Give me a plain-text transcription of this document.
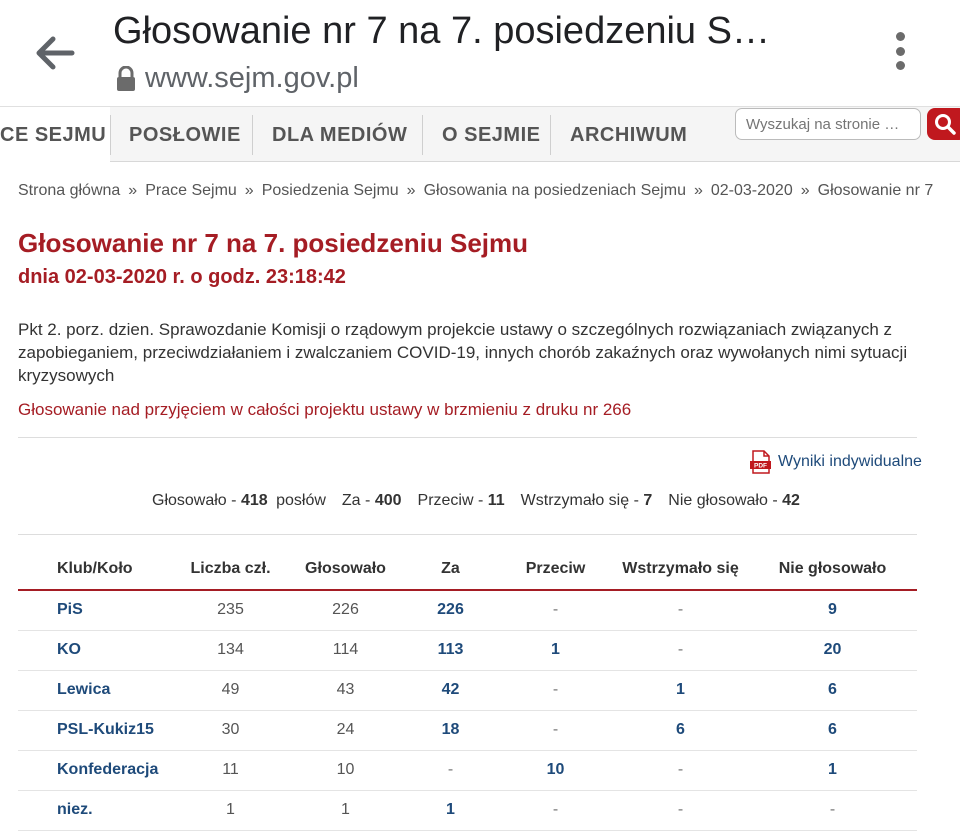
Głosowanie nr 7 na 7. posiedzeniu S…
www.sejm.gov.pl
CE SEJMU POSŁOWIE DLA MEDIÓW O SEJMIE ARCHIWUM
Wyszukaj na stronie …
Strona główna » Prace Sejmu » Posiedzenia Sejmu » Głosowania na posiedzeniach Sejmu » 02-03-2020 » Głosowanie nr 7
Głosowanie nr 7 na 7. posiedzeniu Sejmu
dnia 02-03-2020 r. o godz. 23:18:42
Pkt 2. porz. dzien. Sprawozdanie Komisji o rządowym projekcie ustawy o szczególnych rozwiązaniach związanych z zapobieganiem, przeciwdziałaniem i zwalczaniem COVID-19, innych chorób zakaźnych oraz wywołanych nimi sytuacji kryzysowych
Głosowanie nad przyjęciem w całości projektu ustawy w brzmieniu z druku nr 266
PDF Wyniki indywidualne
Głosowało - 418 posłów Za - 400 Przeciw - 11 Wstrzymało się - 7 Nie głosowało - 42
Klub/Koło	Liczba czł.	Głosowało	Za	Przeciw	Wstrzymało się	Nie głosowało
PiS	235	226	226	-	-	9
KO	134	114	113	1	-	20
Lewica	49	43	42	-	1	6
PSL-Kukiz15	30	24	18	-	6	6
Konfederacja	11	10	-	10	-	1
niez.	1	1	1	-	-	-
